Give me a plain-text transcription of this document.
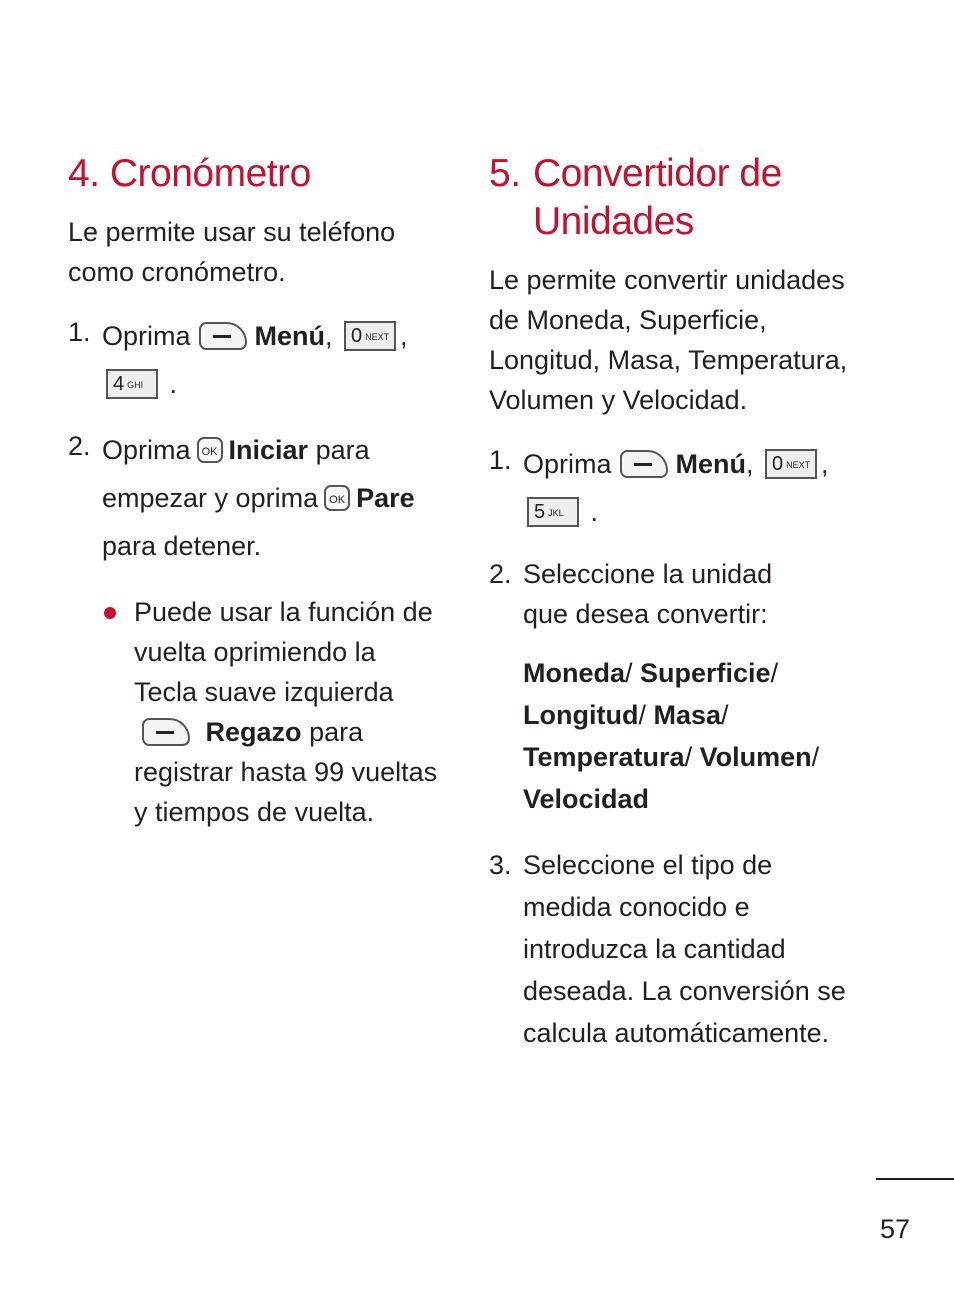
4. Cronómetro

Le permite usar su teléfono como cronómetro.

1. Oprima Menú, 0 NEXT ,
4 GHI .
2. Oprima OK Iniciar para
empezar y oprima OK Pare
para detener.
Puede usar la función de vuelta oprimiendo la Tecla suave izquierda Regazo para registrar hasta 99 vueltas y tiempos de vuelta.
5. Convertidor de Unidades

Le permite convertir unidades de Moneda, Superficie, Longitud, Masa, Temperatura, Volumen y Velocidad.

1. Oprima Menú, 0 NEXT ,
5 JKL .
2. Seleccione la unidad que desea convertir:
Moneda/ Superficie/ Longitud/ Masa/ Temperatura/ Volumen/ Velocidad
3. Seleccione el tipo de medida conocido e introduzca la cantidad deseada. La conversión se calcula automáticamente.
57
